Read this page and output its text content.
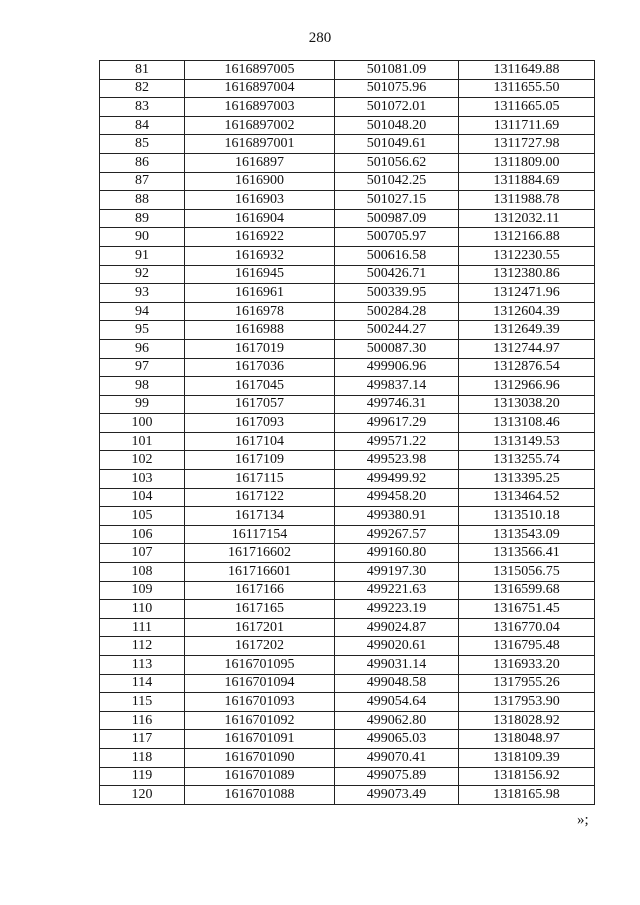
280
81	1616897005	501081.09	1311649.88
82	1616897004	501075.96	1311655.50
83	1616897003	501072.01	1311665.05
84	1616897002	501048.20	1311711.69
85	1616897001	501049.61	1311727.98
86	1616897	501056.62	1311809.00
87	1616900	501042.25	1311884.69
88	1616903	501027.15	1311988.78
89	1616904	500987.09	1312032.11
90	1616922	500705.97	1312166.88
91	1616932	500616.58	1312230.55
92	1616945	500426.71	1312380.86
93	1616961	500339.95	1312471.96
94	1616978	500284.28	1312604.39
95	1616988	500244.27	1312649.39
96	1617019	500087.30	1312744.97
97	1617036	499906.96	1312876.54
98	1617045	499837.14	1312966.96
99	1617057	499746.31	1313038.20
100	1617093	499617.29	1313108.46
101	1617104	499571.22	1313149.53
102	1617109	499523.98	1313255.74
103	1617115	499499.92	1313395.25
104	1617122	499458.20	1313464.52
105	1617134	499380.91	1313510.18
106	16117154	499267.57	1313543.09
107	161716602	499160.80	1313566.41
108	161716601	499197.30	1315056.75
109	1617166	499221.63	1316599.68
110	1617165	499223.19	1316751.45
111	1617201	499024.87	1316770.04
112	1617202	499020.61	1316795.48
113	1616701095	499031.14	1316933.20
114	1616701094	499048.58	1317955.26
115	1616701093	499054.64	1317953.90
116	1616701092	499062.80	1318028.92
117	1616701091	499065.03	1318048.97
118	1616701090	499070.41	1318109.39
119	1616701089	499075.89	1318156.92
120	1616701088	499073.49	1318165.98
»;
